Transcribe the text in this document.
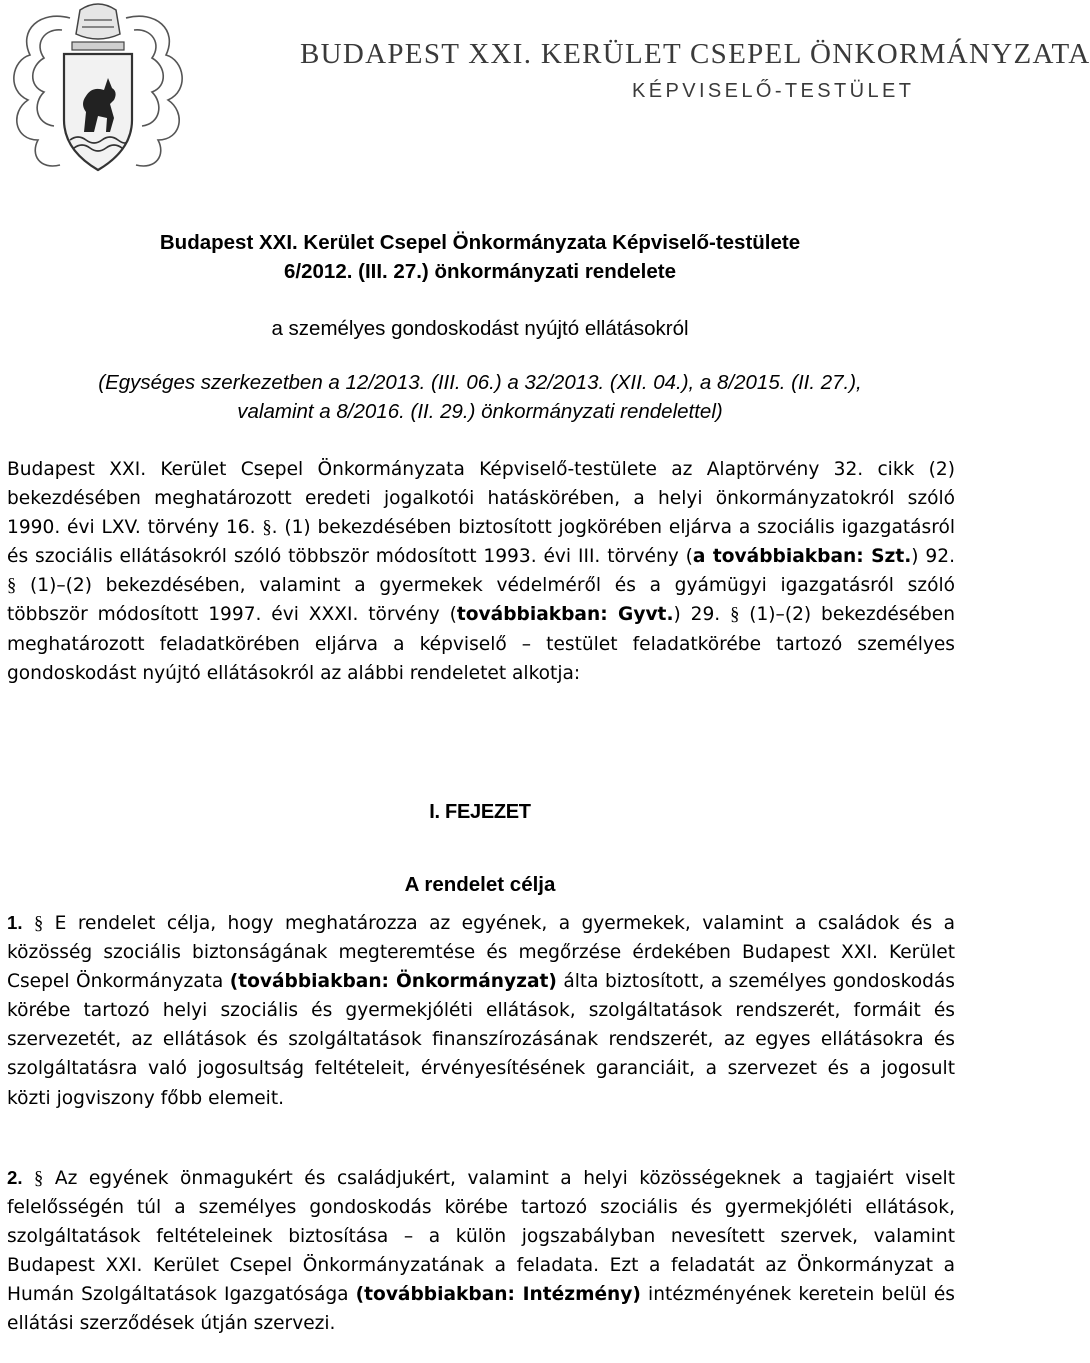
BUDAPEST XXI. KERÜLET CSEPEL ÖNKORMÁNYZATA
KÉPVISELŐ-TESTÜLET
Budapest XXI. Kerület Csepel Önkormányzata Képviselő-testülete
6/2012. (III. 27.) önkormányzati rendelete
a személyes gondoskodást nyújtó ellátásokról
(Egységes szerkezetben a 12/2013. (III. 06.) a 32/2013. (XII. 04.), a 8/2015. (II. 27.),
valamint a 8/2016. (II. 29.) önkormányzati rendelettel)

Budapest XXI. Kerület Csepel Önkormányzata Képviselő-testülete az Alaptörvény 32. cikk (2) bekezdésében meghatározott eredeti jogalkotói hatáskörében, a helyi önkormányzatokról szóló 1990. évi LXV. törvény 16. §. (1) bekezdésében biztosított jogkörében eljárva a szociális igazgatásról és szociális ellátásokról szóló többször módosított 1993. évi III. törvény (a továbbiakban: Szt.) 92. § (1)–(2) bekezdésében, valamint a gyermekek védelméről és a gyámügyi igazgatásról szóló többször módosított 1997. évi XXXI. törvény (továbbiakban: Gyvt.) 29. § (1)–(2) bekezdésében meghatározott feladatkörében eljárva a képviselő – testület feladatkörébe tartozó személyes gondoskodást nyújtó ellátásokról az alábbi rendeletet alkotja:

I. FEJEZET
A rendelet célja

1. § E rendelet célja, hogy meghatározza az egyének, a gyermekek, valamint a családok és a közösség szociális biztonságának megteremtése és megőrzése érdekében Budapest XXI. Kerület Csepel Önkormányzata (továbbiakban: Önkormányzat) álta biztosított, a személyes gondoskodás körébe tartozó helyi szociális és gyermekjóléti ellátások, szolgáltatások rendszerét, formáit és szervezetét, az ellátások és szolgáltatások finanszírozásának rendszerét, az egyes ellátásokra és szolgáltatásra való jogosultság feltételeit, érvényesítésének garanciáit, a szervezet és a jogosult közti jogviszony főbb elemeit.

2. § Az egyének önmagukért és családjukért, valamint a helyi közösségeknek a tagjaiért viselt felelősségén túl a személyes gondoskodás körébe tartozó szociális és gyermekjóléti ellátások, szolgáltatások feltételeinek biztosítása – a külön jogszabályban nevesített szervek, valamint Budapest XXI. Kerület Csepel Önkormányzatának a feladata. Ezt a feladatát az Önkormányzat a Humán Szolgáltatások Igazgatósága (továbbiakban: Intézmény) intézményének keretein belül és ellátási szerződések útján szervezi.
